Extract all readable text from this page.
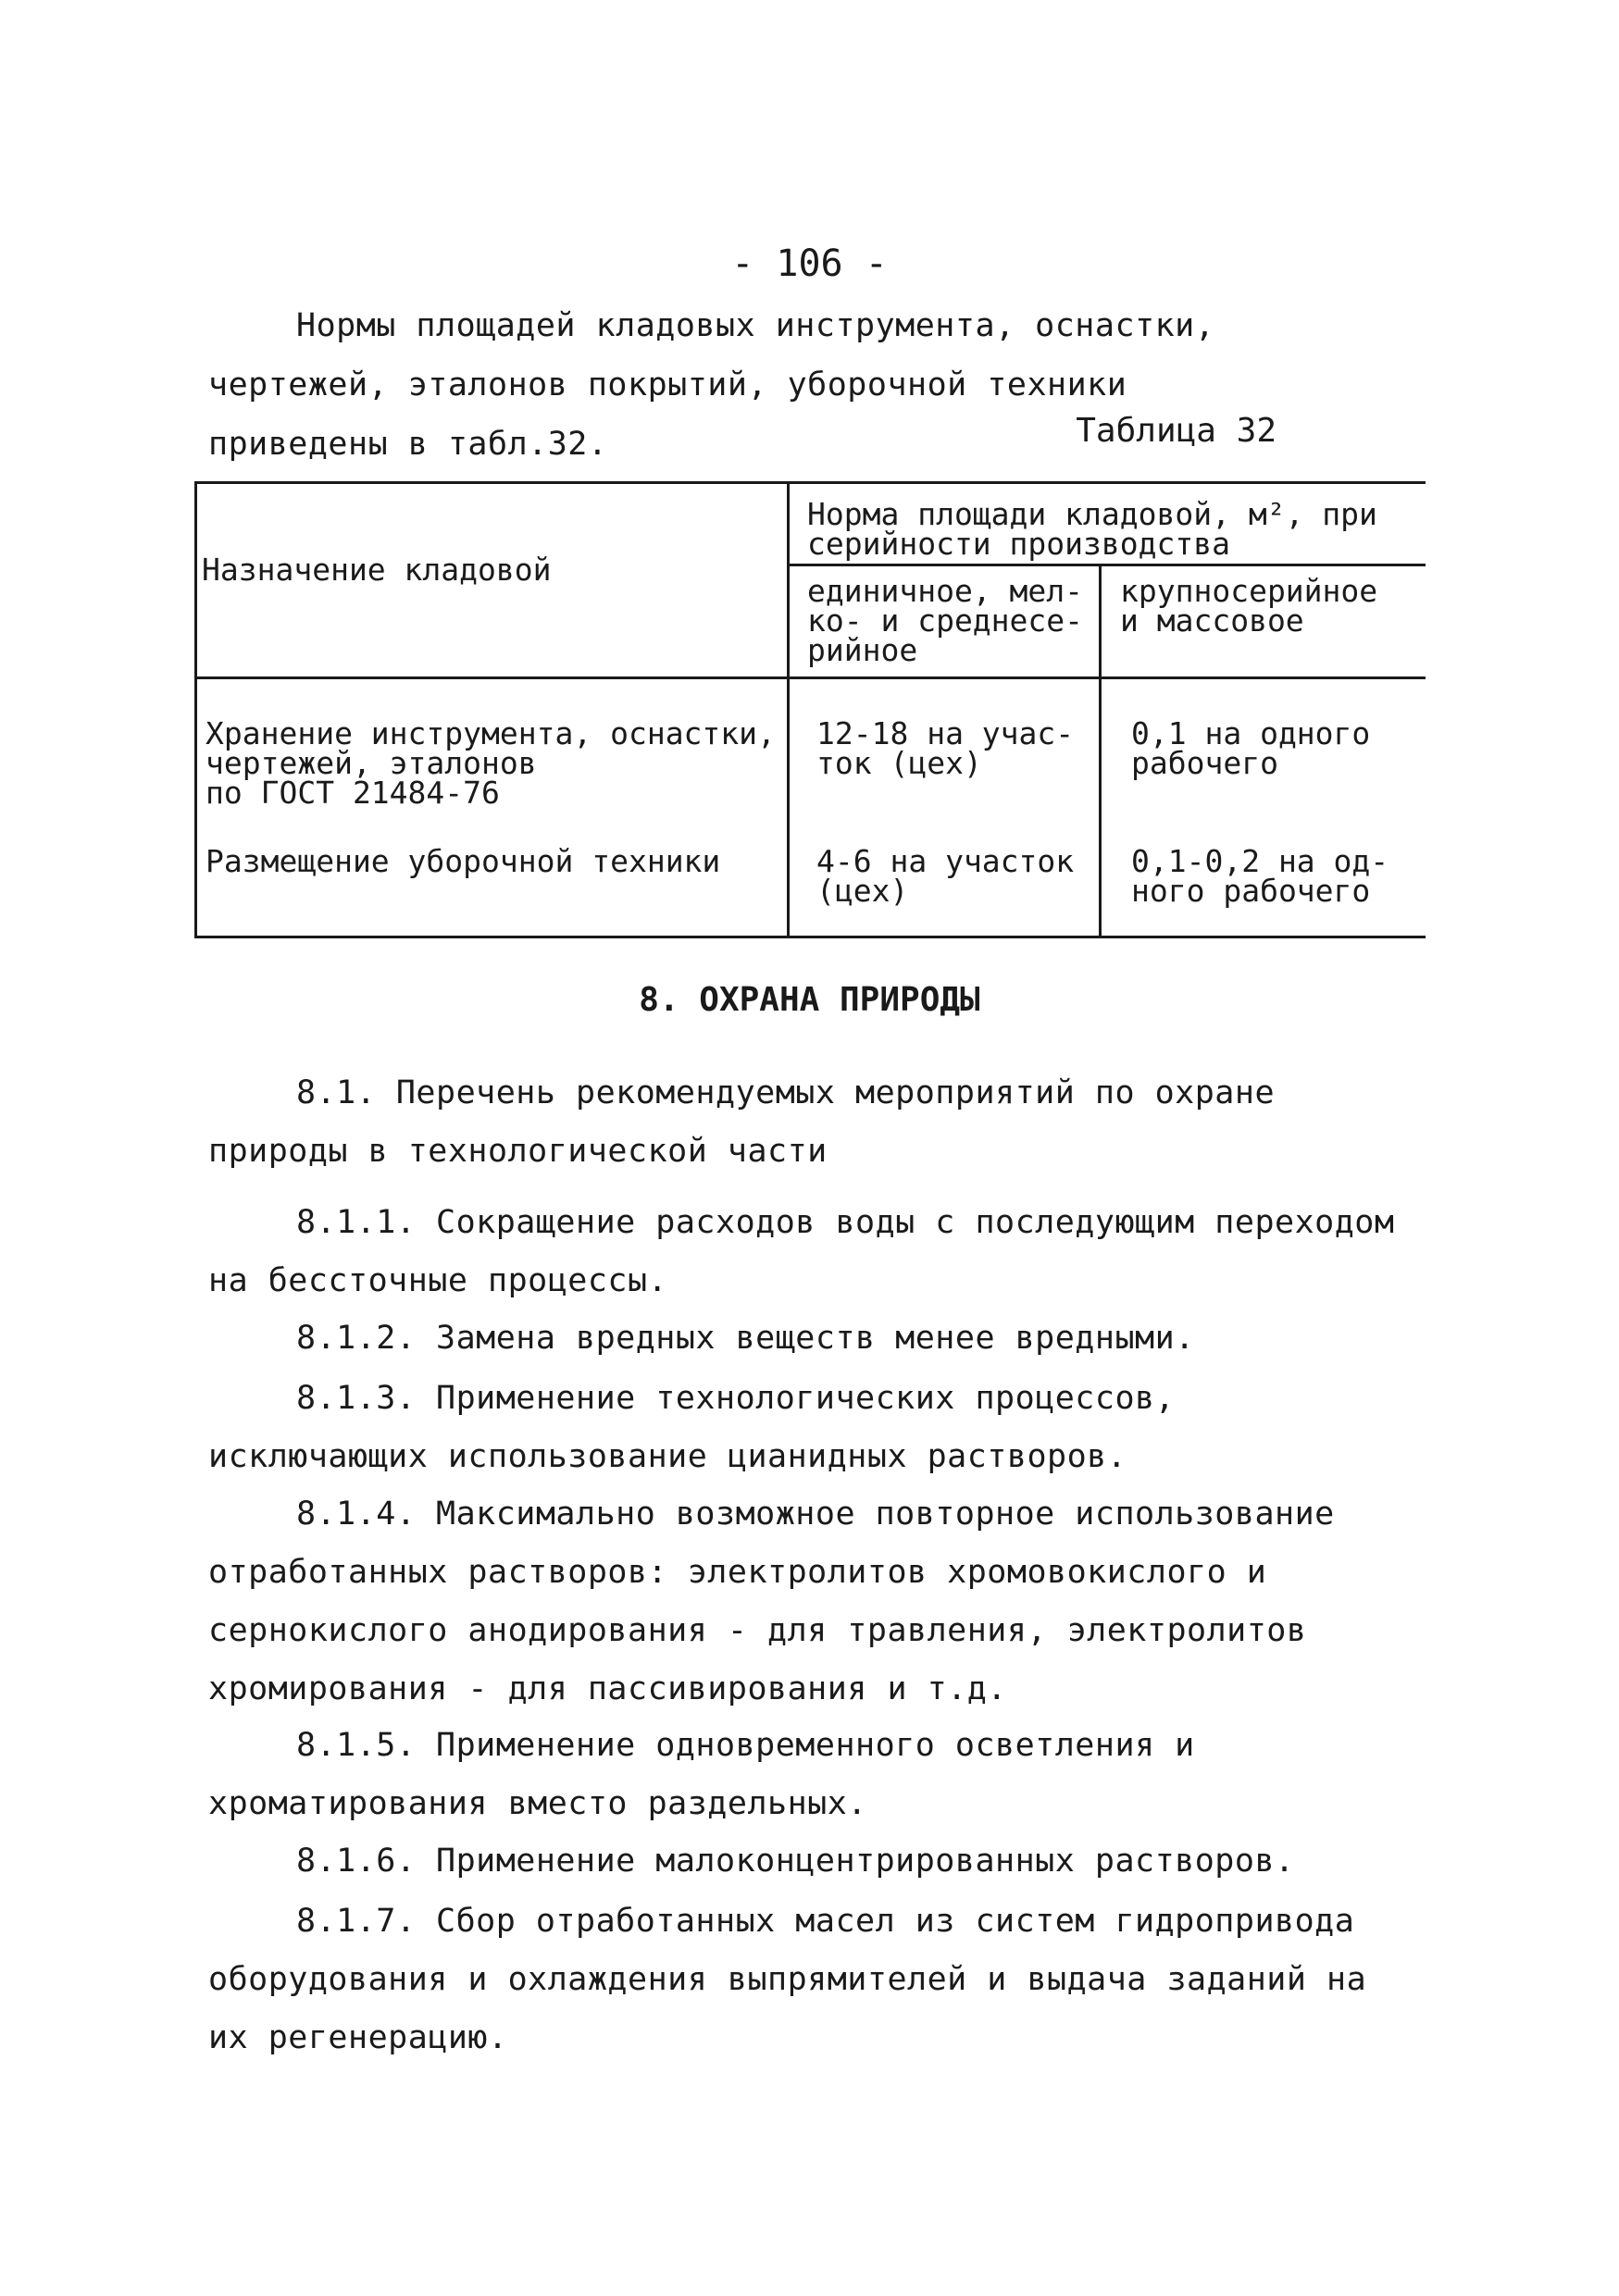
- 106 -

Нормы площадей кладовых инструмента, оснастки, чертежей, эталонов покрытий, уборочной техники приведены в табл.32.	Таблица 32
Назначение кладовой
Норма площади кладовой, м², при серийности производства
единичное, мел-
ко- и среднесе-
рийное
крупносерийное
и массовое
Хранение инструмента, оснастки,
чертежей, эталонов
по ГОСТ 21484-76
12-18 на учас-
ток (цех)
0,1 на одного
рабочего
Размещение уборочной техники	4-6 на участок
(цех)
0,1-0,2 на од-
ного рабочего
8. ОХРАНА ПРИРОДЫ

8.1. Перечень рекомендуемых мероприятий по охране природы в технологической части

8.1.1. Сокращение расходов воды с последующим переходом на бессточные процессы.

8.1.2. Замена вредных веществ менее вредными.

8.1.3. Применение технологических процессов, исключающих использование цианидных растворов.

8.1.4. Максимально возможное повторное использование отработанных растворов: электролитов хромовокислого и сернокислого анодирования - для травления, электролитов хромирования - для пассивирования и т.д.

8.1.5. Применение одновременного осветления и хроматирования вместо раздельных.

8.1.6. Применение малоконцентрированных растворов.

8.1.7. Сбор отработанных масел из систем гидропривода оборудования и охлаждения выпрямителей и выдача заданий на их регенерацию.
